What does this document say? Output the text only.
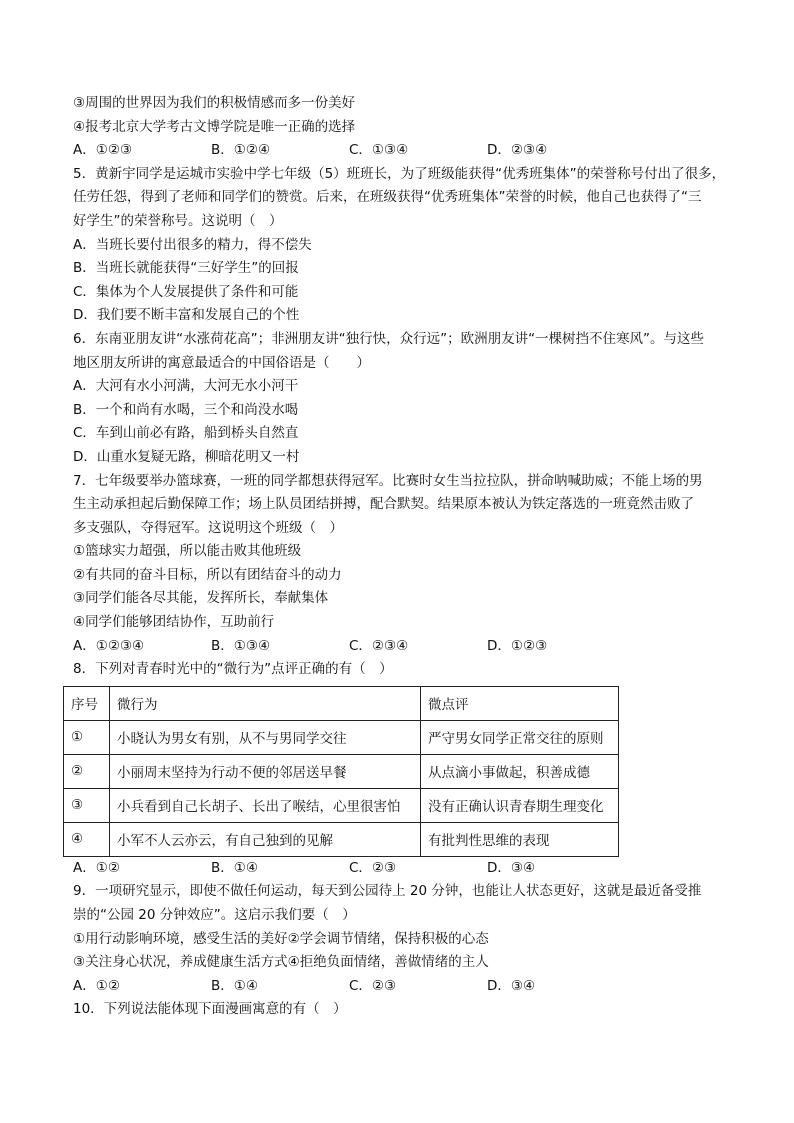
③周围的世界因为我们的积极情感而多一份美好
④报考北京大学考古文博学院是唯一正确的选择
A．①②③	B．①②④	C．①③④	D．②③④
5．黄新宇同学是运城市实验中学七年级（5）班班长，为了班级能获得“优秀班集体”的荣誉称号付出了很多，
任劳任怨，得到了老师和同学们的赞赏。后来，在班级获得“优秀班集体”荣誉的时候，他自己也获得了“三
好学生”的荣誉称号。这说明（　）
A．当班长要付出很多的精力，得不偿失
B．当班长就能获得“三好学生”的回报
C．集体为个人发展提供了条件和可能
D．我们要不断丰富和发展自己的个性
6．东南亚朋友讲“水涨荷花高”；非洲朋友讲“独行快，众行远”；欧洲朋友讲“一棵树挡不住寒风”。与这些
地区朋友所讲的寓意最适合的中国俗语是（　　）
A．大河有水小河满，大河无水小河干
B．一个和尚有水喝，三个和尚没水喝
C．车到山前必有路，船到桥头自然直
D．山重水复疑无路，柳暗花明又一村
7．七年级要举办篮球赛，一班的同学都想获得冠军。比赛时女生当拉拉队，拼命呐喊助威；不能上场的男
生主动承担起后勤保障工作；场上队员团结拼搏，配合默契。结果原本被认为铁定落选的一班竟然击败了
多支强队，夺得冠军。这说明这个班级（　）
①篮球实力超强，所以能击败其他班级
②有共同的奋斗目标，所以有团结奋斗的动力
③同学们能各尽其能，发挥所长，奉献集体
④同学们能够团结协作，互助前行
A．①②③④	B．①③④	C．②③④	D．①②③
8．下列对青春时光中的“微行为”点评正确的有（　）
序号	微行为	微点评
①	小晓认为男女有别，从不与男同学交往	严守男女同学正常交往的原则
②	小丽周末坚持为行动不便的邻居送早餐	从点滴小事做起，积善成德
③	小兵看到自己长胡子、长出了喉结，心里很害怕	没有正确认识青春期生理变化
④	小军不人云亦云，有自己独到的见解	有批判性思维的表现
A．①②	B．①④	C．②③	D．③④
9．一项研究显示，即使不做任何运动，每天到公园待上 20 分钟，也能让人状态更好，这就是最近备受推
崇的“公园 20 分钟效应”。这启示我们要（　）
①用行动影响环境，感受生活的美好②学会调节情绪，保持积极的心态
③关注身心状况，养成健康生活方式④拒绝负面情绪，善做情绪的主人
A．①②	B．①④	C．②③	D．③④
10．下列说法能体现下面漫画寓意的有（　）
